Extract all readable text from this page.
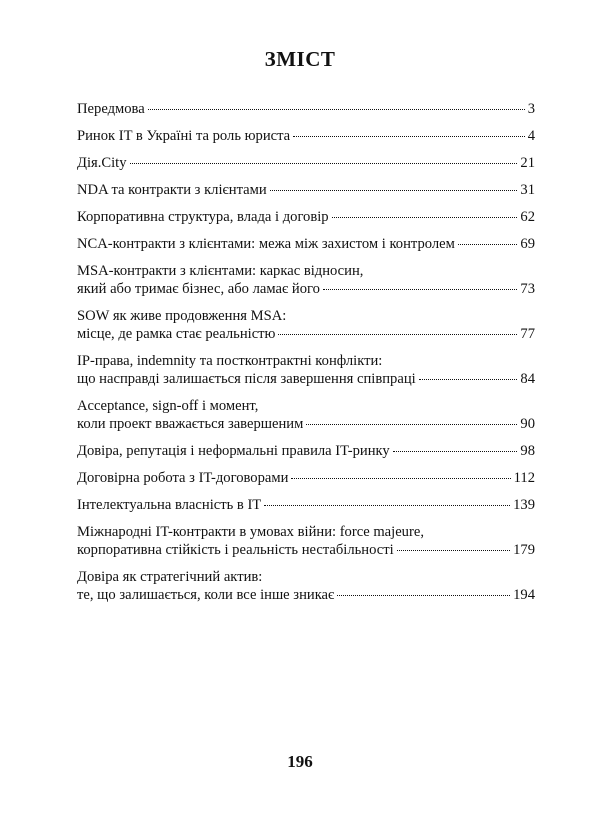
ЗМІСТ
Передмова	3
Ринок IT в Україні та роль юриста	4
Дія.City	21
NDA та контракти з клієнтами	31
Корпоративна структура, влада і договір	62
NCA-контракти з клієнтами: межа між захистом і контролем	69
MSA-контракти з клієнтами: каркас відносин,
який або тримає бізнес, або ламає його	73
SOW як живе продовження MSA:
місце, де рамка стає реальністю	77
IP-права, indemnity та постконтрактні конфлікти:
що насправді залишається після завершення співпраці	84
Acceptance, sign-off і момент,
коли проект вважається завершеним	90
Довіра, репутація і неформальні правила IT-ринку	98
Договірна робота з IT-договорами	112
Інтелектуальна власність в IT	139
Міжнародні IT-контракти в умовах війни: force majeure,
корпоративна стійкість і реальність нестабільності	179
Довіра як стратегічний актив:
те, що залишається, коли все інше зникає	194
196
